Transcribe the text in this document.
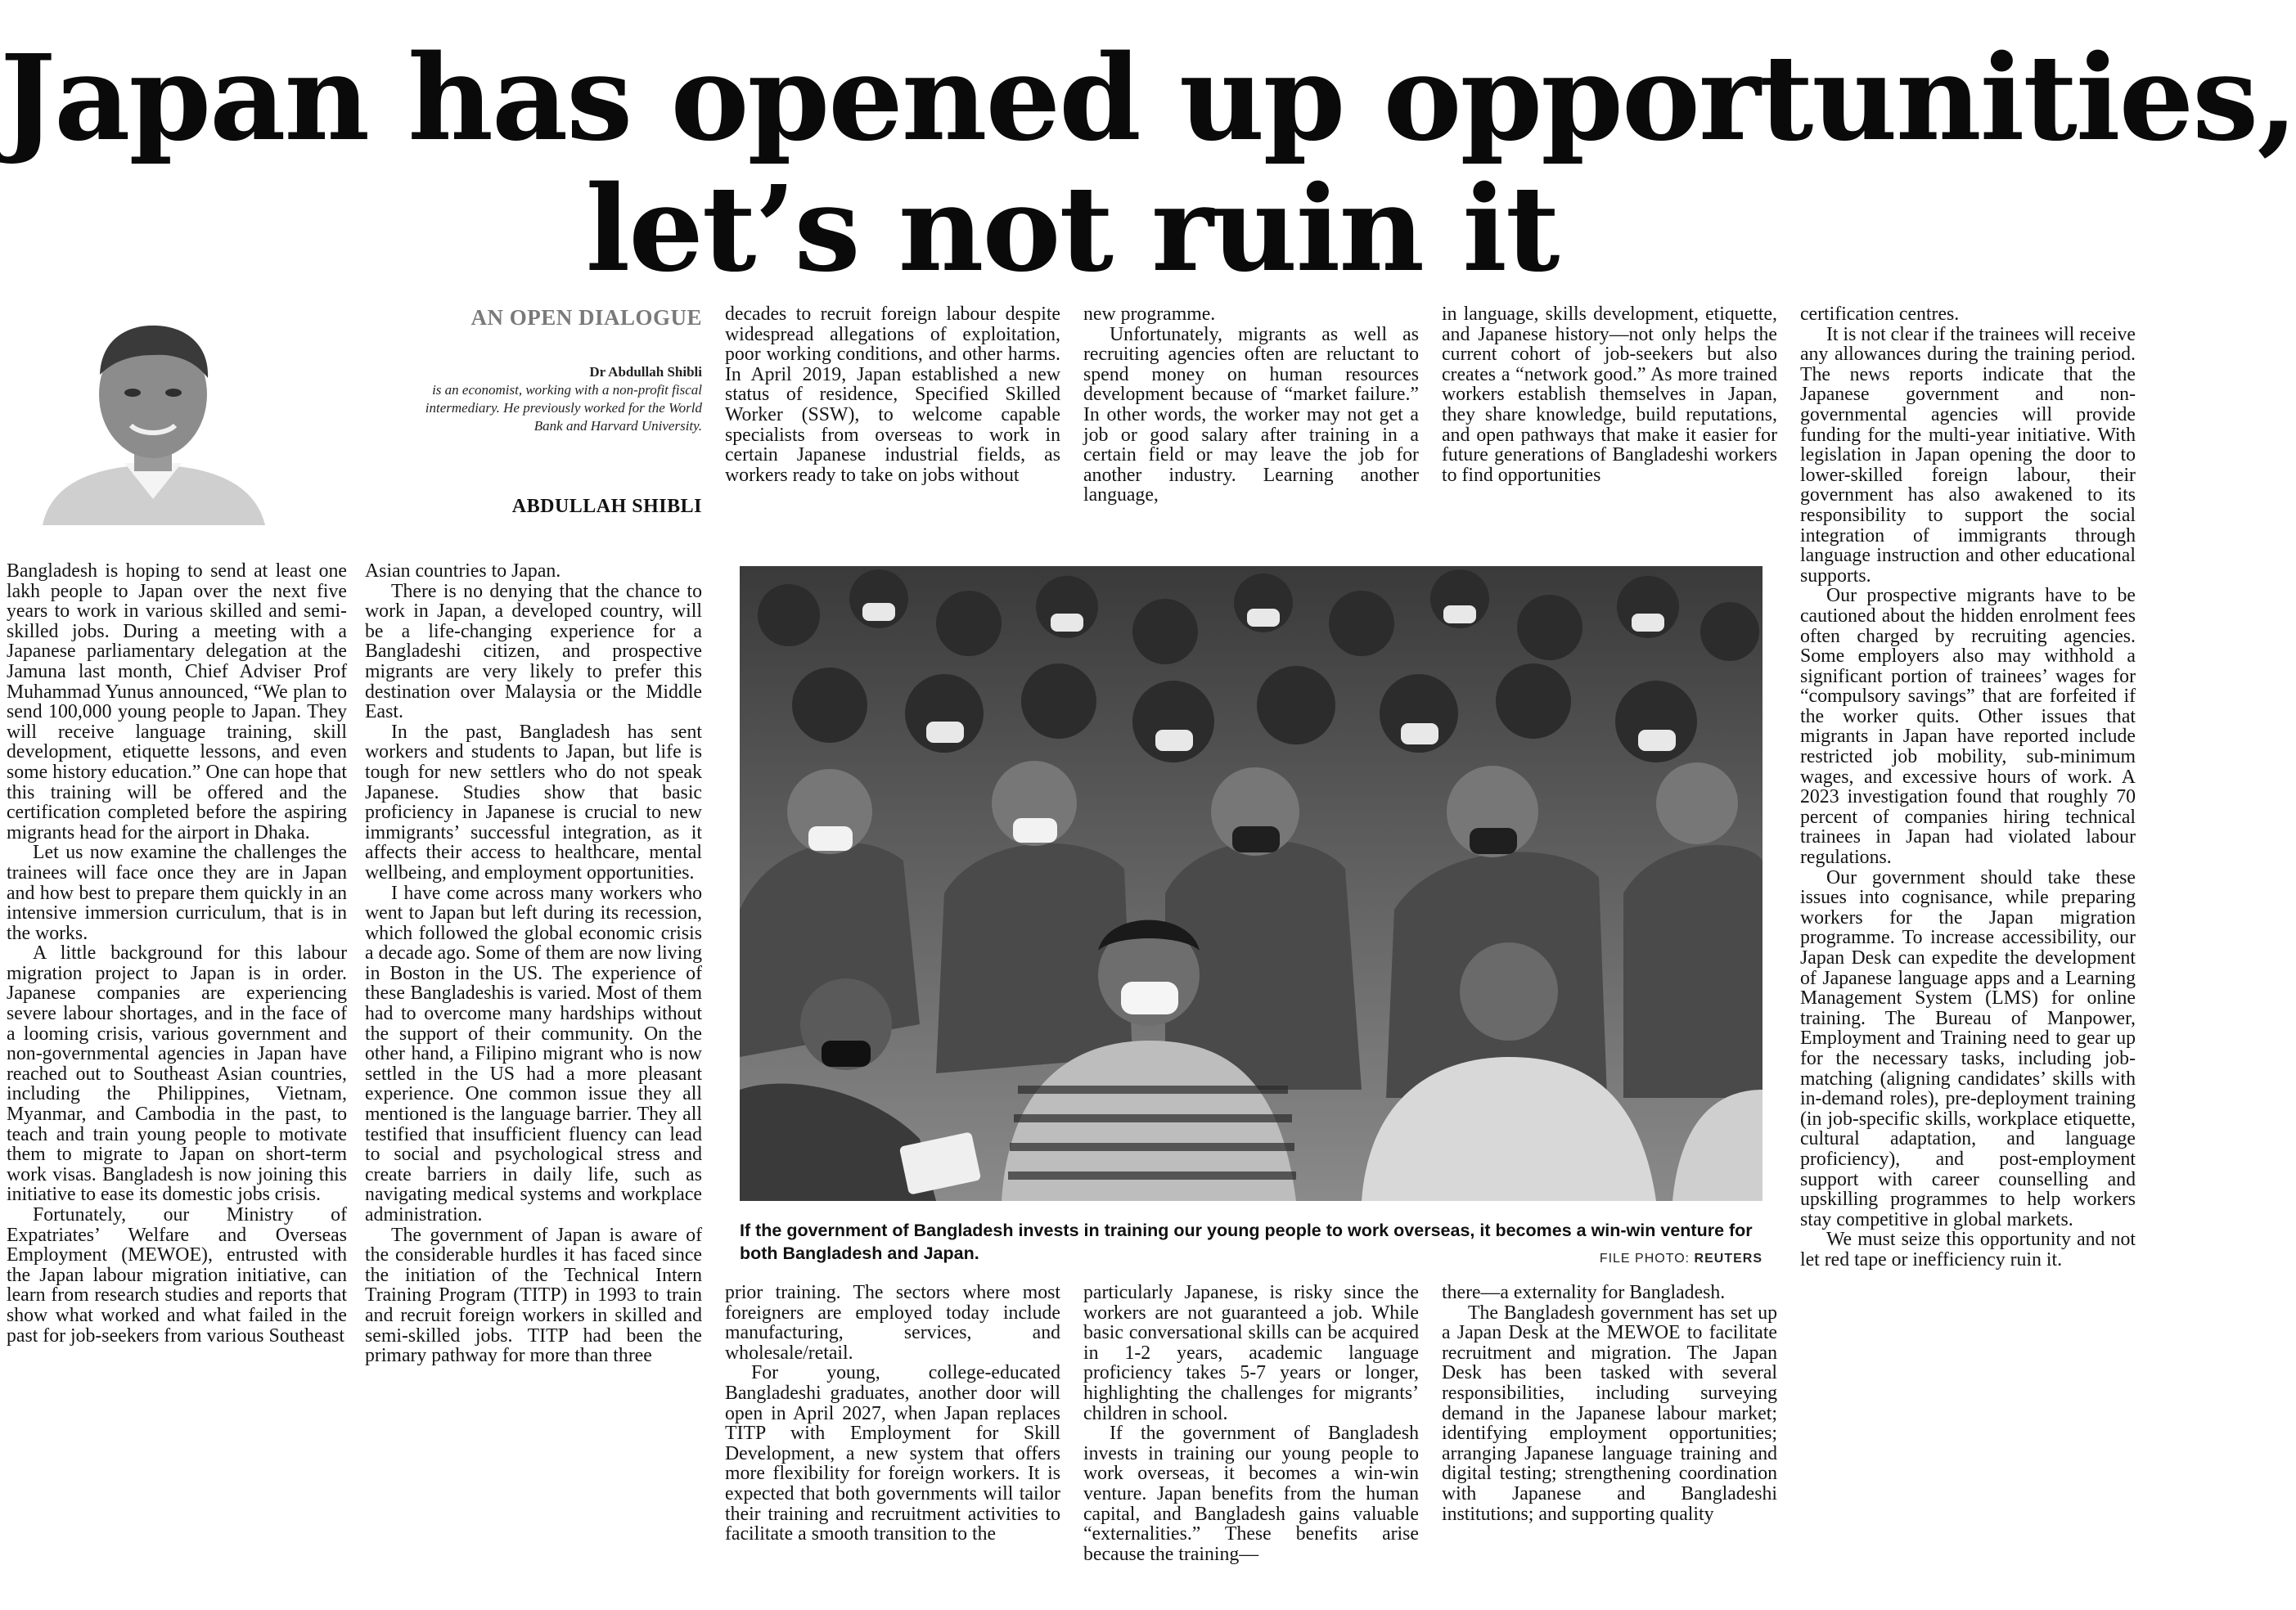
Japan has opened up opportunities,
let’s not ruin it
AN OPEN DIALOGUE
Dr Abdullah Shibli
is an economist, working with a non-profit fiscal
intermediary. He previously worked for the World
Bank and Harvard University.
ABDULLAH SHIBLI

Bangladesh is hoping to send at least one lakh people to Japan over the next five years to work in various skilled and semi-skilled jobs. During a meeting with a Japanese parliamentary delegation at the Jamuna last month, Chief Adviser Prof Muhammad Yunus announced, “We plan to send 100,000 young people to Japan. They will receive language training, skill development, etiquette lessons, and even some history education.” One can hope that this training will be offered and the certification completed before the aspiring migrants head for the airport in Dhaka.

Let us now examine the challenges the trainees will face once they are in Japan and how best to prepare them quickly in an intensive immersion curriculum, that is in the works.

A little background for this labour migration project to Japan is in order. Japanese companies are experiencing severe labour shortages, and in the face of a looming crisis, various government and non-governmental agencies in Japan have reached out to Southeast Asian countries, including the Philippines, Vietnam, Myanmar, and Cambodia in the past, to teach and train young people to motivate them to migrate to Japan on short-term work visas. Bangladesh is now joining this initiative to ease its domestic jobs crisis.

Fortunately, our Ministry of Expatriates’ Welfare and Overseas Employment (MEWOE), entrusted with the Japan labour migration initiative, can learn from research studies and reports that show what worked and what failed in the past for job-seekers from various Southeast

Asian countries to Japan.

There is no denying that the chance to work in Japan, a developed country, will be a life-changing experience for a Bangladeshi citizen, and prospective migrants are very likely to prefer this destination over Malaysia or the Middle East.

In the past, Bangladesh has sent workers and students to Japan, but life is tough for new settlers who do not speak Japanese. Studies show that basic proficiency in Japanese is crucial to new immigrants’ successful integration, as it affects their access to healthcare, mental wellbeing, and employment opportunities.

I have come across many workers who went to Japan but left during its recession, which followed the global economic crisis a decade ago. Some of them are now living in Boston in the US. The experience of these Bangladeshis is varied. Most of them had to overcome many hardships without the support of their community. On the other hand, a Filipino migrant who is now settled in the US had a more pleasant experience. One common issue they all mentioned is the language barrier. They all testified that insufficient fluency can lead to social and psychological stress and create barriers in daily life, such as navigating medical systems and workplace administration.

The government of Japan is aware of the considerable hurdles it has faced since the initiation of the Technical Intern Training Program (TITP) in 1993 to train and recruit foreign workers in skilled and semi-skilled jobs. TITP had been the primary pathway for more than three

decades to recruit foreign labour despite widespread allegations of exploitation, poor working conditions, and other harms. In April 2019, Japan established a new status of residence, Specified Skilled Worker (SSW), to welcome capable specialists from overseas to work in certain Japanese industrial fields, as workers ready to take on jobs without

new programme.

Unfortunately, migrants as well as recruiting agencies often are reluctant to spend money on human resources development because of “market failure.” In other words, the worker may not get a job or good salary after training in a certain field or may leave the job for another industry. Learning another language,

in language, skills development, etiquette, and Japanese history—not only helps the current cohort of job-seekers but also creates a “network good.” As more trained workers establish themselves in Japan, they share knowledge, build reputations, and open pathways that make it easier for future generations of Bangladeshi workers to find opportunities

If the government of Bangladesh invests in training our young people to work overseas, it becomes a win-win venture for both Bangladesh and Japan.	FILE PHOTO: REUTERS

prior training. The sectors where most foreigners are employed today include manufacturing, services, and wholesale/retail.

For young, college-educated Bangladeshi graduates, another door will open in April 2027, when Japan replaces TITP with Employment for Skill Development, a new system that offers more flexibility for foreign workers. It is expected that both governments will tailor their training and recruitment activities to facilitate a smooth transition to the

particularly Japanese, is risky since the workers are not guaranteed a job. While basic conversational skills can be acquired in 1-2 years, academic language proficiency takes 5-7 years or longer, highlighting the challenges for migrants’ children in school.

If the government of Bangladesh invests in training our young people to work overseas, it becomes a win-win venture. Japan benefits from the human capital, and Bangladesh gains valuable “externalities.” These benefits arise because the training—

there—a externality for Bangladesh.

The Bangladesh government has set up a Japan Desk at the MEWOE to facilitate recruitment and migration. The Japan Desk has been tasked with several responsibilities, including surveying demand in the Japanese labour market; identifying employment opportunities; arranging Japanese language training and digital testing; strengthening coordination with Japanese and Bangladeshi institutions; and supporting quality

certification centres.

It is not clear if the trainees will receive any allowances during the training period. The news reports indicate that the Japanese government and non-governmental agencies will provide funding for the multi-year initiative. With legislation in Japan opening the door to lower-skilled foreign labour, their government has also awakened to its responsibility to support the social integration of immigrants through language instruction and other educational supports.

Our prospective migrants have to be cautioned about the hidden enrolment fees often charged by recruiting agencies. Some employers also may withhold a significant portion of trainees’ wages for “compulsory savings” that are forfeited if the worker quits. Other issues that migrants in Japan have reported include restricted job mobility, sub-minimum wages, and excessive hours of work. A 2023 investigation found that roughly 70 percent of companies hiring technical trainees in Japan had violated labour regulations.

Our government should take these issues into cognisance, while preparing workers for the Japan migration programme. To increase accessibility, our Japan Desk can expedite the development of Japanese language apps and a Learning Management System (LMS) for online training. The Bureau of Manpower, Employment and Training need to gear up for the necessary tasks, including job-matching (aligning candidates’ skills with in-demand roles), pre-deployment training (in job-specific skills, workplace etiquette, cultural adaptation, and language proficiency), and post-employment support with career counselling and upskilling programmes to help workers stay competitive in global markets.

We must seize this opportunity and not let red tape or inefficiency ruin it.
